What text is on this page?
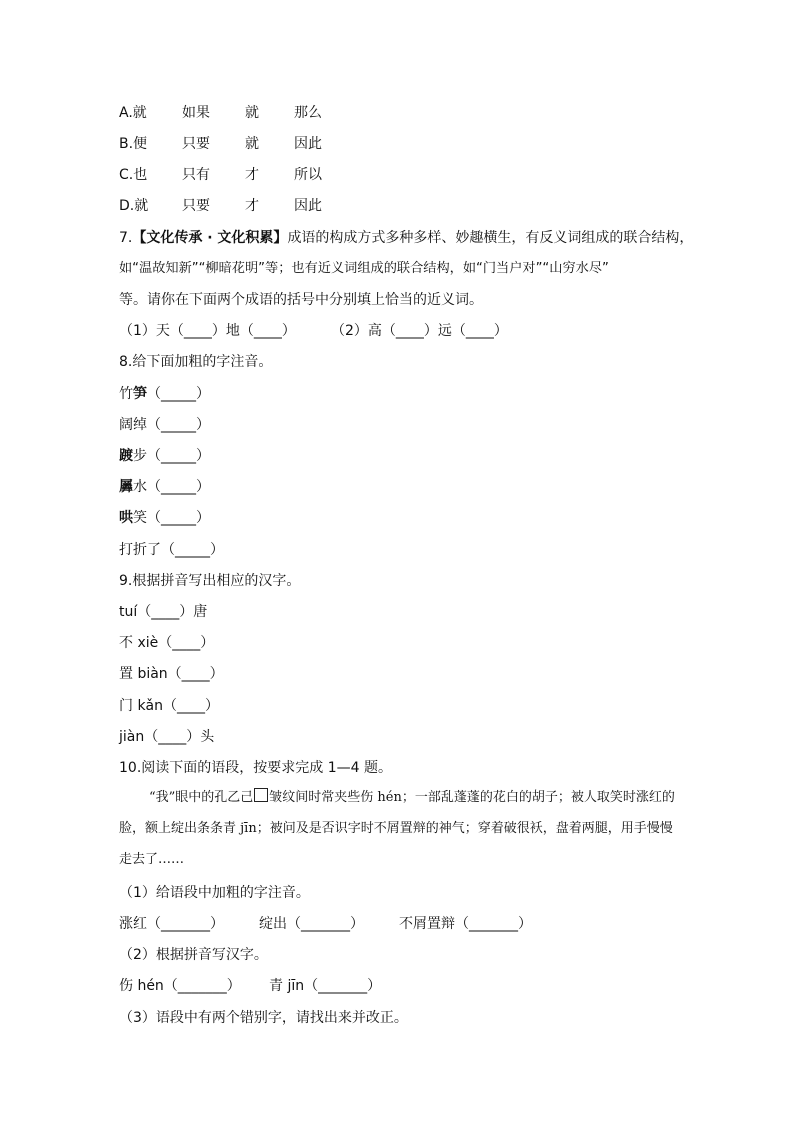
A.就	如果	就	那么
B.便 只要	就	因此
C.也 只有	才	所以
D.就 只要	才	因此
7.【文化传承 · 文化积累】成语的构成方式多种多样、妙趣横生，有反义词组成的联合结构，
如“温故知新”“柳暗花明”等；也有近义词组成的联合结构，如“门当户对”“山穷水尽”
等。请你在下面两个成语的括号中分别填上恰当的近义词。
（1）天（____）地（____）	（2）高（____）远（____）
8.给下面加粗的字注音。
竹笋（_____）
阔绰（_____）
踱步（_____）
羼水（_____）
哄笑（_____）
打折了（_____）
9.根据拼音写出相应的汉字。
tuí（____）唐
不 xiè（____）
置 biàn（____）
门 kǎn（____）
jiàn（____）头
10.阅读下面的语段，按要求完成 1—4 题。
“我”眼中的孔乙己 皱纹间时常夹些伤 hén；一部乱蓬蓬的花白的胡子；被人取笑时涨红的脸，额上绽出条条青 jīn；被问及是否识字时不屑置辩的神气；穿着破很袄，盘着两腿，用手慢慢走去了……
（1）给语段中加粗的字注音。
涨红（_______）	绽出（_______）	不屑置辩（_______）
（2）根据拼音写汉字。
伤 hén（_______） 青 jīn（_______）
（3）语段中有两个错别字，请找出来并改正。
